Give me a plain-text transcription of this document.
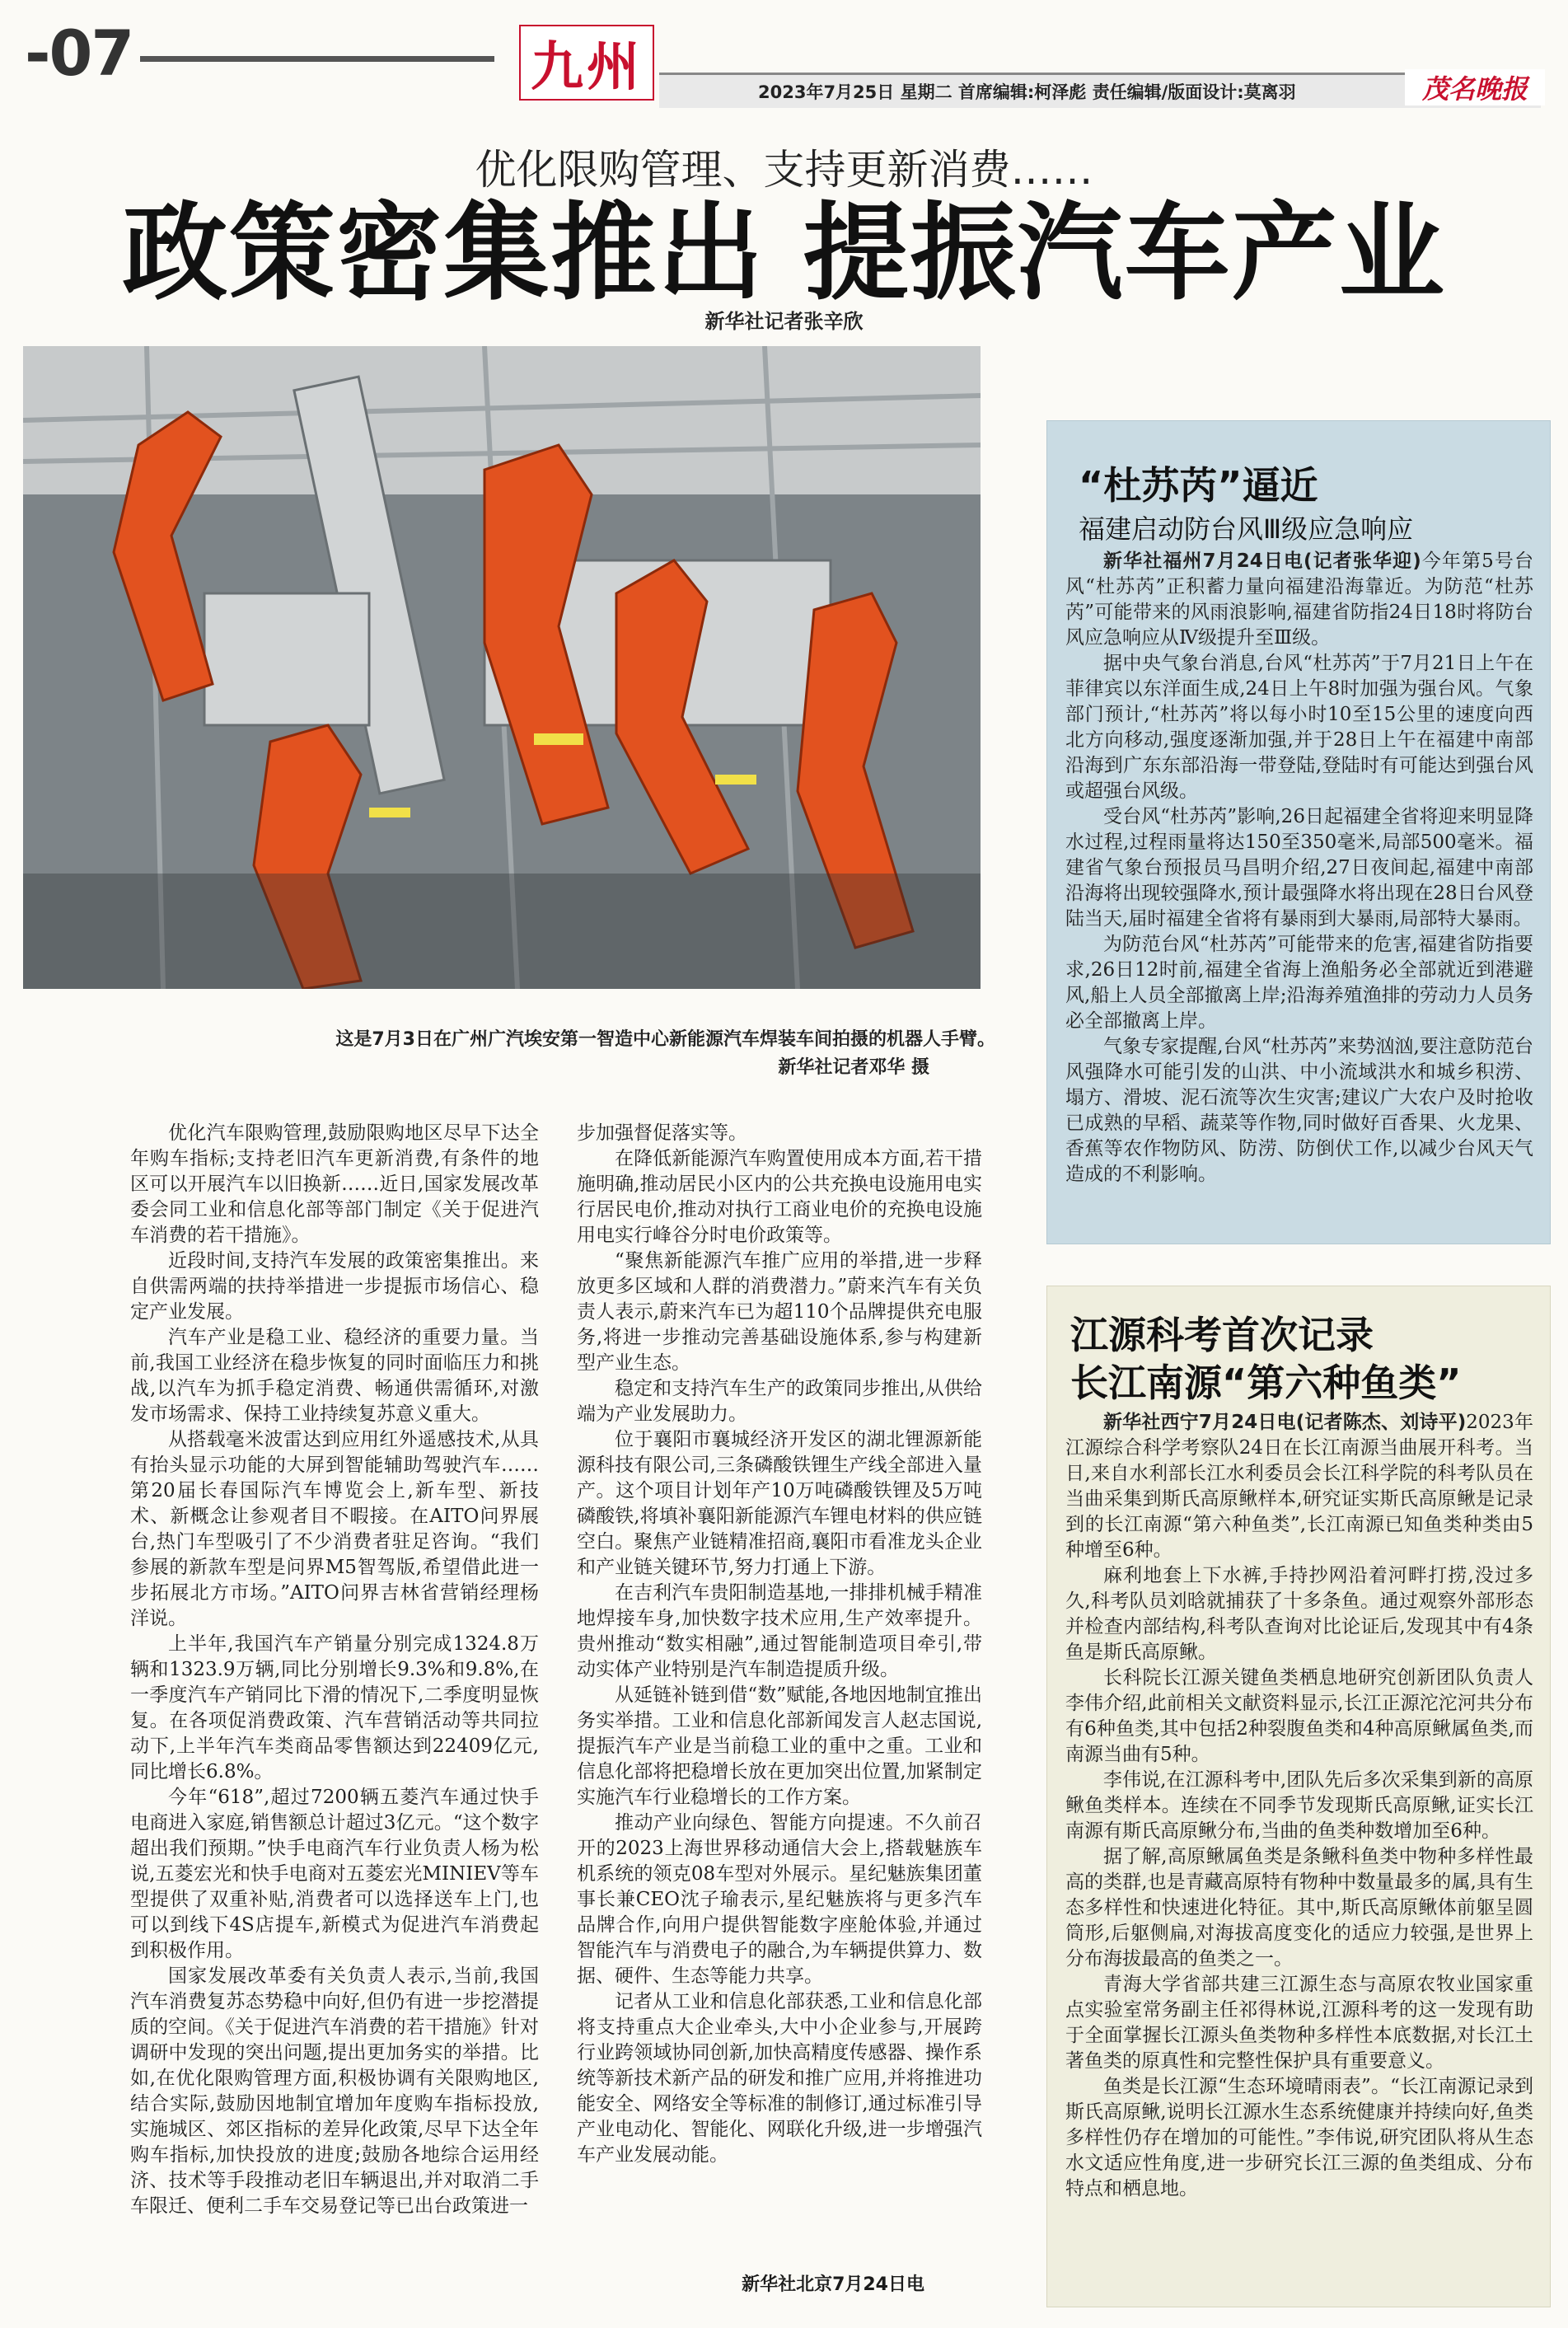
-07	九州	2023年7月25日 星期二 首席编辑:柯泽彪 责任编辑/版面设计:莫离羽	茂名晚报
优化限购管理、支持更新消费……
政策密集推出 提振汽车产业
新华社记者张辛欣
这是7月3日在广州广汽埃安第一智造中心新能源汽车焊装车间拍摄的机器人手臂。
新华社记者邓华 摄

优化汽车限购管理,鼓励限购地区尽早下达全年购车指标;支持老旧汽车更新消费,有条件的地区可以开展汽车以旧换新……近日,国家发展改革委会同工业和信息化部等部门制定《关于促进汽车消费的若干措施》。

近段时间,支持汽车发展的政策密集推出。来自供需两端的扶持举措进一步提振市场信心、稳定产业发展。

汽车产业是稳工业、稳经济的重要力量。当前,我国工业经济在稳步恢复的同时面临压力和挑战,以汽车为抓手稳定消费、畅通供需循环,对激发市场需求、保持工业持续复苏意义重大。

从搭载毫米波雷达到应用红外遥感技术,从具有抬头显示功能的大屏到智能辅助驾驶汽车……第20届长春国际汽车博览会上,新车型、新技术、新概念让参观者目不暇接。在AITO问界展台,热门车型吸引了不少消费者驻足咨询。“我们参展的新款车型是问界M5智驾版,希望借此进一步拓展北方市场。”AITO问界吉林省营销经理杨洋说。

上半年,我国汽车产销量分别完成1324.8万辆和1323.9万辆,同比分别增长9.3%和9.8%,在一季度汽车产销同比下滑的情况下,二季度明显恢复。在各项促消费政策、汽车营销活动等共同拉动下,上半年汽车类商品零售额达到22409亿元,同比增长6.8%。

今年“618”,超过7200辆五菱汽车通过快手电商进入家庭,销售额总计超过3亿元。“这个数字超出我们预期。”快手电商汽车行业负责人杨为松说,五菱宏光和快手电商对五菱宏光MINIEV等车型提供了双重补贴,消费者可以选择送车上门,也可以到线下4S店提车,新模式为促进汽车消费起到积极作用。

国家发展改革委有关负责人表示,当前,我国汽车消费复苏态势稳中向好,但仍有进一步挖潜提质的空间。《关于促进汽车消费的若干措施》针对调研中发现的突出问题,提出更加务实的举措。比如,在优化限购管理方面,积极协调有关限购地区,结合实际,鼓励因地制宜增加年度购车指标投放,实施城区、郊区指标的差异化政策,尽早下达全年购车指标,加快投放的进度;鼓励各地综合运用经济、技术等手段推动老旧车辆退出,并对取消二手车限迁、便利二手车交易登记等已出台政策进一

步加强督促落实等。

在降低新能源汽车购置使用成本方面,若干措施明确,推动居民小区内的公共充换电设施用电实行居民电价,推动对执行工商业电价的充换电设施用电实行峰谷分时电价政策等。

“聚焦新能源汽车推广应用的举措,进一步释放更多区域和人群的消费潜力。”蔚来汽车有关负责人表示,蔚来汽车已为超110个品牌提供充电服务,将进一步推动完善基础设施体系,参与构建新型产业生态。

稳定和支持汽车生产的政策同步推出,从供给端为产业发展助力。

位于襄阳市襄城经济开发区的湖北锂源新能源科技有限公司,三条磷酸铁锂生产线全部进入量产。这个项目计划年产10万吨磷酸铁锂及5万吨磷酸铁,将填补襄阳新能源汽车锂电材料的供应链空白。聚焦产业链精准招商,襄阳市看准龙头企业和产业链关键环节,努力打通上下游。

在吉利汽车贵阳制造基地,一排排机械手精准地焊接车身,加快数字技术应用,生产效率提升。贵州推动“数实相融”,通过智能制造项目牵引,带动实体产业特别是汽车制造提质升级。

从延链补链到借“数”赋能,各地因地制宜推出务实举措。工业和信息化部新闻发言人赵志国说,提振汽车产业是当前稳工业的重中之重。工业和信息化部将把稳增长放在更加突出位置,加紧制定实施汽车行业稳增长的工作方案。

推动产业向绿色、智能方向提速。不久前召开的2023上海世界移动通信大会上,搭载魅族车机系统的领克08车型对外展示。星纪魅族集团董事长兼CEO沈子瑜表示,星纪魅族将与更多汽车品牌合作,向用户提供智能数字座舱体验,并通过智能汽车与消费电子的融合,为车辆提供算力、数据、硬件、生态等能力共享。

记者从工业和信息化部获悉,工业和信息化部将支持重点大企业牵头,大中小企业参与,开展跨行业跨领域协同创新,加快高精度传感器、操作系统等新技术新产品的研发和推广应用,并将推进功能安全、网络安全等标准的制修订,通过标准引导产业电动化、智能化、网联化升级,进一步增强汽车产业发展动能。

新华社北京7月24日电
“杜苏芮”逼近
福建启动防台风Ⅲ级应急响应

新华社福州7月24日电(记者张华迎)今年第5号台风“杜苏芮”正积蓄力量向福建沿海靠近。为防范“杜苏芮”可能带来的风雨浪影响,福建省防指24日18时将防台风应急响应从Ⅳ级提升至Ⅲ级。

据中央气象台消息,台风“杜苏芮”于7月21日上午在菲律宾以东洋面生成,24日上午8时加强为强台风。气象部门预计,“杜苏芮”将以每小时10至15公里的速度向西北方向移动,强度逐渐加强,并于28日上午在福建中南部沿海到广东东部沿海一带登陆,登陆时有可能达到强台风或超强台风级。

受台风“杜苏芮”影响,26日起福建全省将迎来明显降水过程,过程雨量将达150至350毫米,局部500毫米。福建省气象台预报员马昌明介绍,27日夜间起,福建中南部沿海将出现较强降水,预计最强降水将出现在28日台风登陆当天,届时福建全省将有暴雨到大暴雨,局部特大暴雨。

为防范台风“杜苏芮”可能带来的危害,福建省防指要求,26日12时前,福建全省海上渔船务必全部就近到港避风,船上人员全部撤离上岸;沿海养殖渔排的劳动力人员务必全部撤离上岸。

气象专家提醒,台风“杜苏芮”来势汹汹,要注意防范台风强降水可能引发的山洪、中小流域洪水和城乡积涝、塌方、滑坡、泥石流等次生灾害;建议广大农户及时抢收已成熟的早稻、蔬菜等作物,同时做好百香果、火龙果、香蕉等农作物防风、防涝、防倒伏工作,以减少台风天气造成的不利影响。

江源科考首次记录
长江南源“第六种鱼类”

新华社西宁7月24日电(记者陈杰、刘诗平)2023年江源综合科学考察队24日在长江南源当曲展开科考。当日,来自水利部长江水利委员会长江科学院的科考队员在当曲采集到斯氏高原鳅样本,研究证实斯氏高原鳅是记录到的长江南源“第六种鱼类”,长江南源已知鱼类种类由5种增至6种。

麻利地套上下水裤,手持抄网沿着河畔打捞,没过多久,科考队员刘晗就捕获了十多条鱼。通过观察外部形态并检查内部结构,科考队查询对比论证后,发现其中有4条鱼是斯氏高原鳅。

长科院长江源关键鱼类栖息地研究创新团队负责人李伟介绍,此前相关文献资料显示,长江正源沱沱河共分布有6种鱼类,其中包括2种裂腹鱼类和4种高原鳅属鱼类,而南源当曲有5种。

李伟说,在江源科考中,团队先后多次采集到新的高原鳅鱼类样本。连续在不同季节发现斯氏高原鳅,证实长江南源有斯氏高原鳅分布,当曲的鱼类种数增加至6种。

据了解,高原鳅属鱼类是条鳅科鱼类中物种多样性最高的类群,也是青藏高原特有物种中数量最多的属,具有生态多样性和快速进化特征。其中,斯氏高原鳅体前躯呈圆筒形,后躯侧扁,对海拔高度变化的适应力较强,是世界上分布海拔最高的鱼类之一。

青海大学省部共建三江源生态与高原农牧业国家重点实验室常务副主任祁得林说,江源科考的这一发现有助于全面掌握长江源头鱼类物种多样性本底数据,对长江土著鱼类的原真性和完整性保护具有重要意义。

鱼类是长江源“生态环境晴雨表”。“长江南源记录到斯氏高原鳅,说明长江源水生态系统健康并持续向好,鱼类多样性仍存在增加的可能性。”李伟说,研究团队将从生态水文适应性角度,进一步研究长江三源的鱼类组成、分布特点和栖息地。
